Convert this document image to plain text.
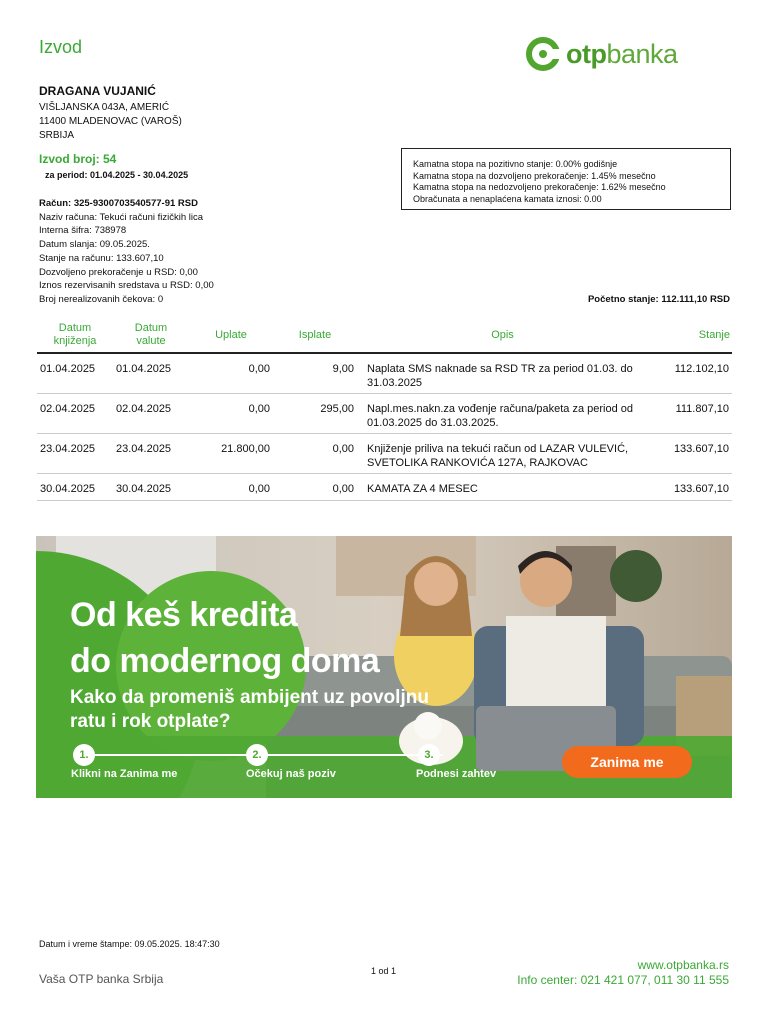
Izvod	otpbanka
DRAGANA VUJANIĆ
VIŠLJANSKA 043A, AMERIĆ
11400 MLADENOVAC (VAROŠ)
SRBIJA
Izvod broj: 54
za period: 01.04.2025 - 30.04.2025
Kamatna stopa na pozitivno stanje: 0.00% godišnje
Kamatna stopa na dozvoljeno prekoračenje: 1.45% mesečno
Kamatna stopa na nedozvoljeno prekoračenje: 1.62% mesečno
Obračunata a nenaplaćena kamata iznosi: 0.00
Račun: 325-9300703540577-91 RSD
Naziv računa: Tekući računi fizičkih lica
Interna šifra: 738978
Datum slanja: 09.05.2025.
Stanje na računu: 133.607,10
Dozvoljeno prekoračenje u RSD: 0,00
Iznos rezervisanih sredstava u RSD: 0,00
Broj nerealizovanih čekova: 0	Početno stanje: 112.111,10 RSD
Datum
knjiženja	Datum
valute	Uplate	Isplate	Opis	Stanje
01.04.2025	01.04.2025	0,00	9,00	Naplata SMS naknade sa RSD TR za period 01.03. do 31.03.2025	112.102,10
02.04.2025	02.04.2025	0,00	295,00	Napl.mes.nakn.za vođenje računa/paketa za period od 01.03.2025 do 31.03.2025.	111.807,10
23.04.2025	23.04.2025	21.800,00	0,00	Knjiženje priliva na tekući račun od LAZAR VULEVIĆ, SVETOLIKA RANKOVIĆA 127A, RAJKOVAC	133.607,10
30.04.2025	30.04.2025	0,00	0,00	KAMATA ZA 4 MESEC	133.607,10
Od keš kredita
do modernog doma
Kako da promeniš ambijent uz povoljnu
ratu i rok otplate?
1.	2.	3.
Klikni na Zanima me	Očekuj naš poziv	Podnesi zahtev
Zanima me
Datum i vreme štampe: 09.05.2025. 18:47:30
Vaša OTP banka Srbija
1 od 1	www.otpbanka.rs
Info center: 021 421 077, 011 30 11 555
